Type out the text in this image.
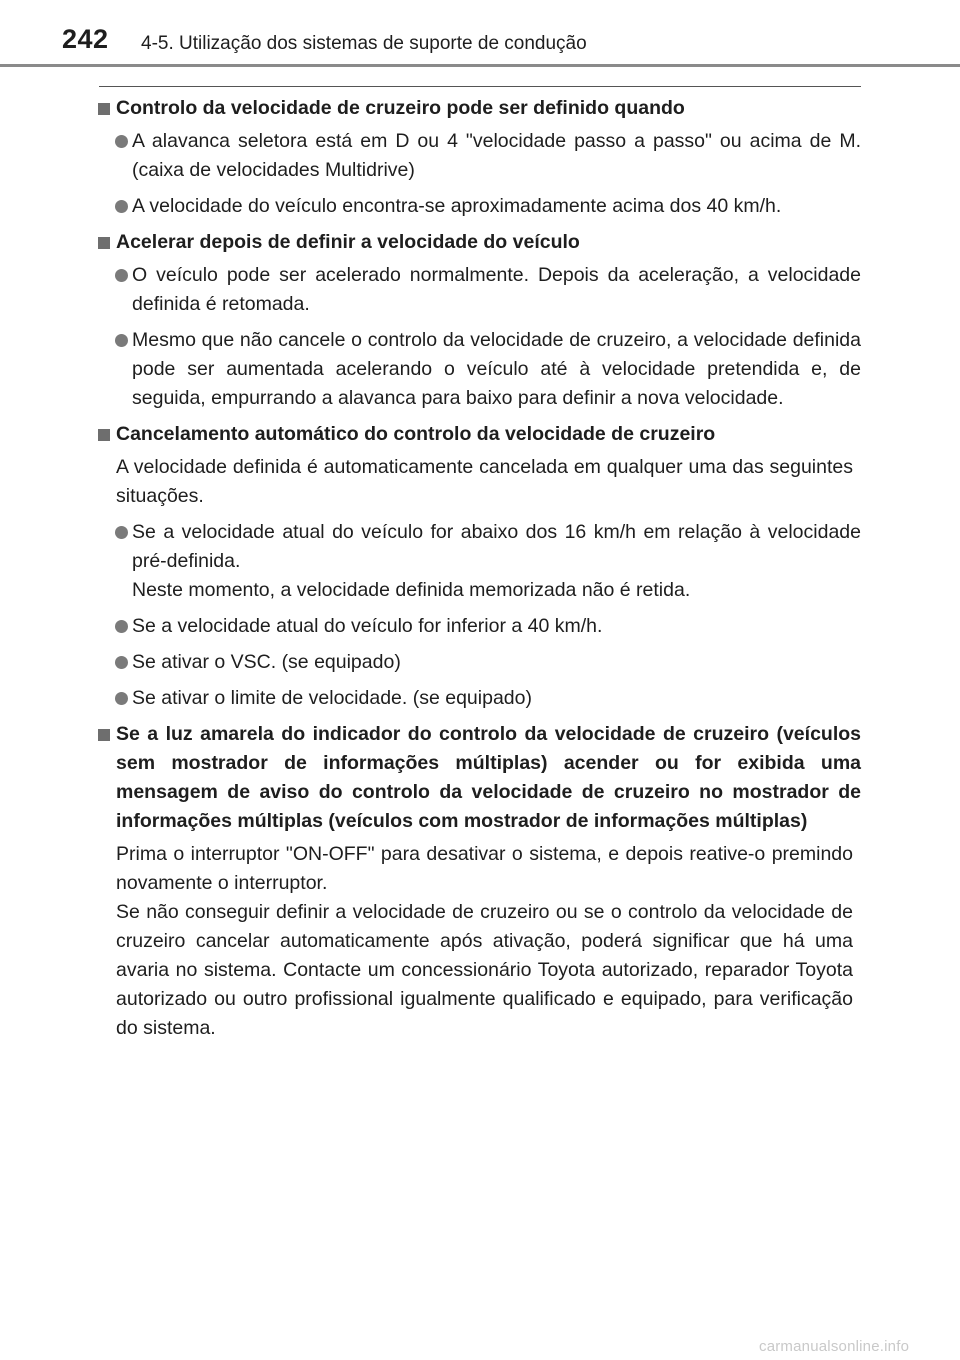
242 4-5. Utilização dos sistemas de suporte de condução
Controlo da velocidade de cruzeiro pode ser definido quando
A alavanca seletora está em D ou 4 "velocidade passo a passo" ou acima de M. (caixa de velocidades Multidrive)
A velocidade do veículo encontra-se aproximadamente acima dos 40 km/h.
Acelerar depois de definir a velocidade do veículo
O veículo pode ser acelerado normalmente. Depois da aceleração, a velocidade definida é retomada.
Mesmo que não cancele o controlo da velocidade de cruzeiro, a velocidade definida pode ser aumentada acelerando o veículo até à velocidade pretendida e, de seguida, empurrando a alavanca para baixo para definir a nova velocidade.
Cancelamento automático do controlo da velocidade de cruzeiro
A velocidade definida é automaticamente cancelada em qualquer uma das seguintes situações.
Se a velocidade atual do veículo for abaixo dos 16 km/h em relação à velocidade pré-definida.
Neste momento, a velocidade definida memorizada não é retida.
Se a velocidade atual do veículo for inferior a 40 km/h.
Se ativar o VSC. (se equipado)
Se ativar o limite de velocidade. (se equipado)
Se a luz amarela do indicador do controlo da velocidade de cruzeiro (veículos sem mostrador de informações múltiplas) acender ou for exibida uma mensagem de aviso do controlo da velocidade de cruzeiro no mostrador de informações múltiplas (veículos com mostrador de informações múltiplas)
Prima o interruptor "ON-OFF" para desativar o sistema, e depois reative-o premindo novamente o interruptor.
Se não conseguir definir a velocidade de cruzeiro ou se o controlo da velocidade de cruzeiro cancelar automaticamente após ativação, poderá significar que há uma avaria no sistema. Contacte um concessionário Toyota autorizado, reparador Toyota autorizado ou outro profissional igualmente qualificado e equipado, para verificação do sistema.
carmanualsonline.info
